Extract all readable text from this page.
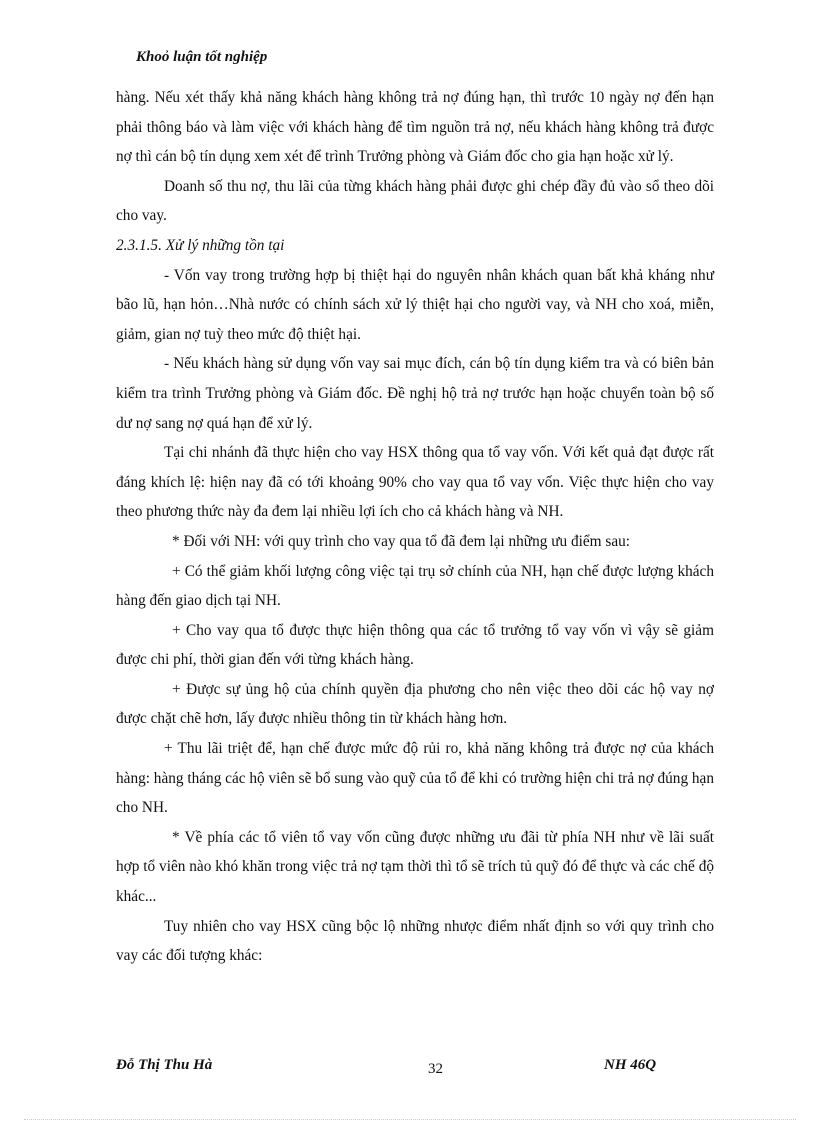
Khoỏ luận tốt nghiệp

hàng. Nếu xét thấy khả năng khách hàng không trả nợ đúng hạn, thì trước 10 ngày nợ đến hạn phải thông báo và làm việc với khách hàng để tìm nguồn trả nợ, nếu khách hàng không trả được nợ thì cán bộ tín dụng xem xét để trình Trưởng phòng và Giám đốc cho gia hạn hoặc xử lý.

Doanh số thu nợ, thu lãi của từng khách hàng phải được ghi chép đầy đủ vào sổ theo dõi cho vay.

2.3.1.5. Xử lý những tồn tại

- Vốn vay trong trường hợp bị thiệt hại do nguyên nhân khách quan bất khả kháng như bão lũ, hạn hỏn…Nhà nước có chính sách xử lý thiệt hại cho người vay, và NH cho xoá, miễn, giảm, gian nợ tuỳ theo mức độ thiệt hại.

- Nếu khách hàng sử dụng vốn vay sai mục đích, cán bộ tín dụng kiểm tra và có biên bản kiểm tra trình Trưởng phòng và Giám đốc. Đề nghị hộ trả nợ trước hạn hoặc chuyển toàn bộ số dư nợ sang nợ quá hạn để xử lý.

Tại chi nhánh đã thực hiện cho vay HSX thông qua tổ vay vốn. Với kết quả đạt được rất đáng khích lệ: hiện nay đã có tới khoảng 90% cho vay qua tổ vay vốn. Việc thực hiện cho vay theo phương thức này đa đem lại nhiều lợi ích cho cả khách hàng và NH.

* Đối với NH: với quy trình cho vay qua tổ đã đem lại những ưu điểm sau:

+ Có thể giảm khối lượng công việc tại trụ sở chính của NH, hạn chế được lượng khách hàng đến giao dịch tại NH.

+ Cho vay qua tổ được thực hiện thông qua các tổ trưởng tổ vay vốn vì vậy sẽ giảm được chi phí, thời gian đến với từng khách hàng.

+ Được sự ủng hộ của chính quyền địa phương cho nên việc theo dõi các hộ vay nợ được chặt chẽ hơn, lấy được nhiều thông tin từ khách hàng hơn.

+ Thu lãi triệt để, hạn chế được mức độ rủi ro, khả năng không trả được nợ của khách hàng: hàng tháng các hộ viên sẽ bổ sung vào quỹ của tổ để khi có trường hiện chi trả nợ đúng hạn cho NH.

* Về phía các tổ viên tổ vay vốn cũng được những ưu đãi từ phía NH như về lãi suất hợp tổ viên nào khó khăn trong việc trả nợ tạm thời thì tổ sẽ trích tủ quỹ đó để thực và các chế độ khác...

Tuy nhiên cho vay HSX cũng bộc lộ những nhược điểm nhất định so với quy trình cho vay các đối tượng khác:

Đỗ Thị Thu Hà	32	NH 46Q
